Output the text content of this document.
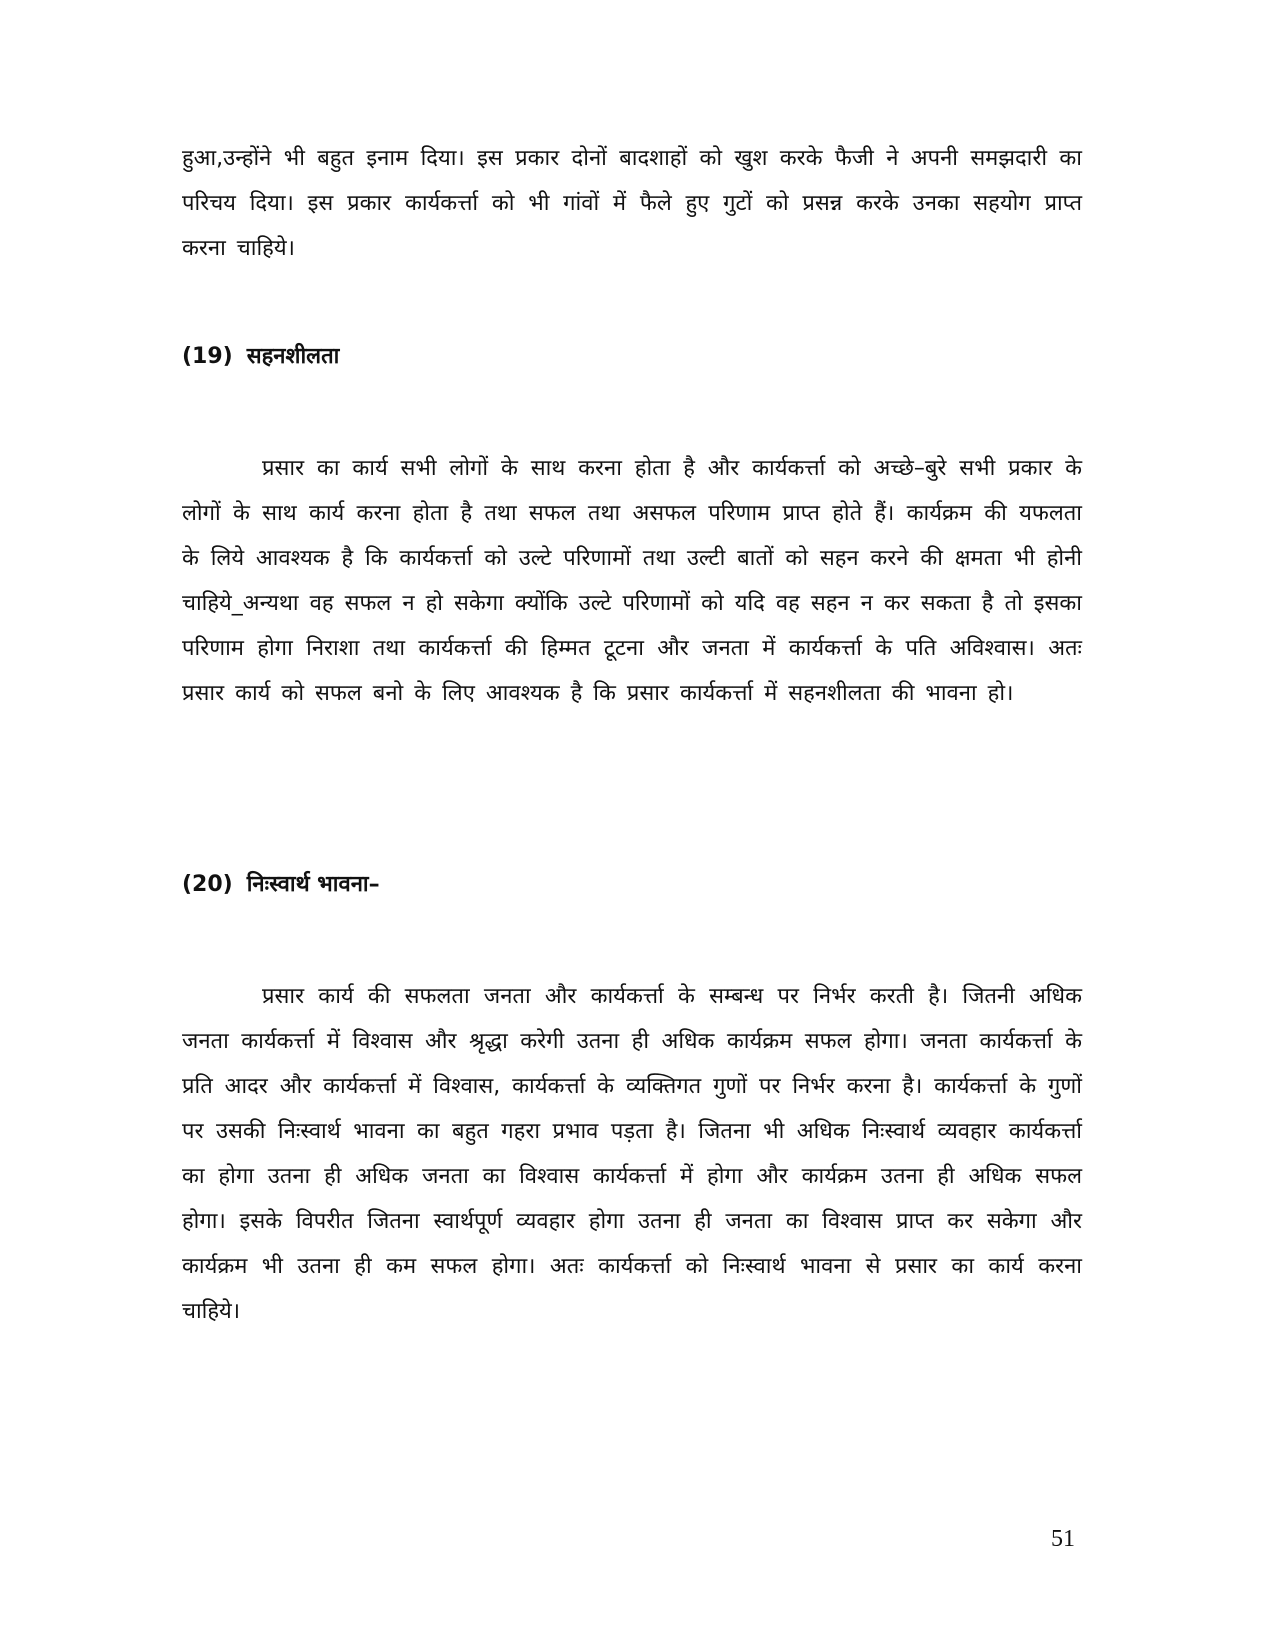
हुआ,उन्होंने भी बहुत इनाम दिया। इस प्रकार दोनों बादशाहों को खुश करके फैजी ने अपनी समझदारी का परिचय दिया। इस प्रकार कार्यकर्त्ता को भी गांवों में फैले हुए गुटों को प्रसन्न करके उनका सहयोग प्राप्त करना चाहिये।

(19) सहनशीलता

प्रसार का कार्य सभी लोगों के साथ करना होता है और कार्यकर्त्ता को अच्छे–बुरे सभी प्रकार के लोगों के साथ कार्य करना होता है तथा सफल तथा असफल परिणाम प्राप्त होते हैं। कार्यक्रम की यफलता के लिये आवश्यक है कि कार्यकर्त्ता को उल्टे परिणामों तथा उल्टी बातों को सहन करने की क्षमता भी होनी चाहिये_अन्यथा वह सफल न हो सकेगा क्योंकि उल्टे परिणामों को यदि वह सहन न कर सकता है तो इसका परिणाम होगा निराशा तथा कार्यकर्त्ता की हिम्मत टूटना और जनता में कार्यकर्त्ता के पति अविश्वास। अतः प्रसार कार्य को सफल बनो के लिए आवश्यक है कि प्रसार कार्यकर्त्ता में सहनशीलता की भावना हो।

(20) निःस्वार्थ भावना–

प्रसार कार्य की सफलता जनता और कार्यकर्त्ता के सम्बन्ध पर निर्भर करती है। जितनी अधिक जनता कार्यकर्त्ता में विश्वास और श्रृद्धा करेगी उतना ही अधिक कार्यक्रम सफल होगा। जनता कार्यकर्त्ता के प्रति आदर और कार्यकर्त्ता में विश्वास, कार्यकर्त्ता के व्यक्तिगत गुणों पर निर्भर करना है। कार्यकर्त्ता के गुणों पर उसकी निःस्वार्थ भावना का बहुत गहरा प्रभाव पड़ता है। जितना भी अधिक निःस्वार्थ व्यवहार कार्यकर्त्ता का होगा उतना ही अधिक जनता का विश्वास कार्यकर्त्ता में होगा और कार्यक्रम उतना ही अधिक सफल होगा। इसके विपरीत जितना स्वार्थपूर्ण व्यवहार होगा उतना ही जनता का विश्वास प्राप्त कर सकेगा और कार्यक्रम भी उतना ही कम सफल होगा। अतः कार्यकर्त्ता को निःस्वार्थ भावना से प्रसार का कार्य करना चाहिये।

51
